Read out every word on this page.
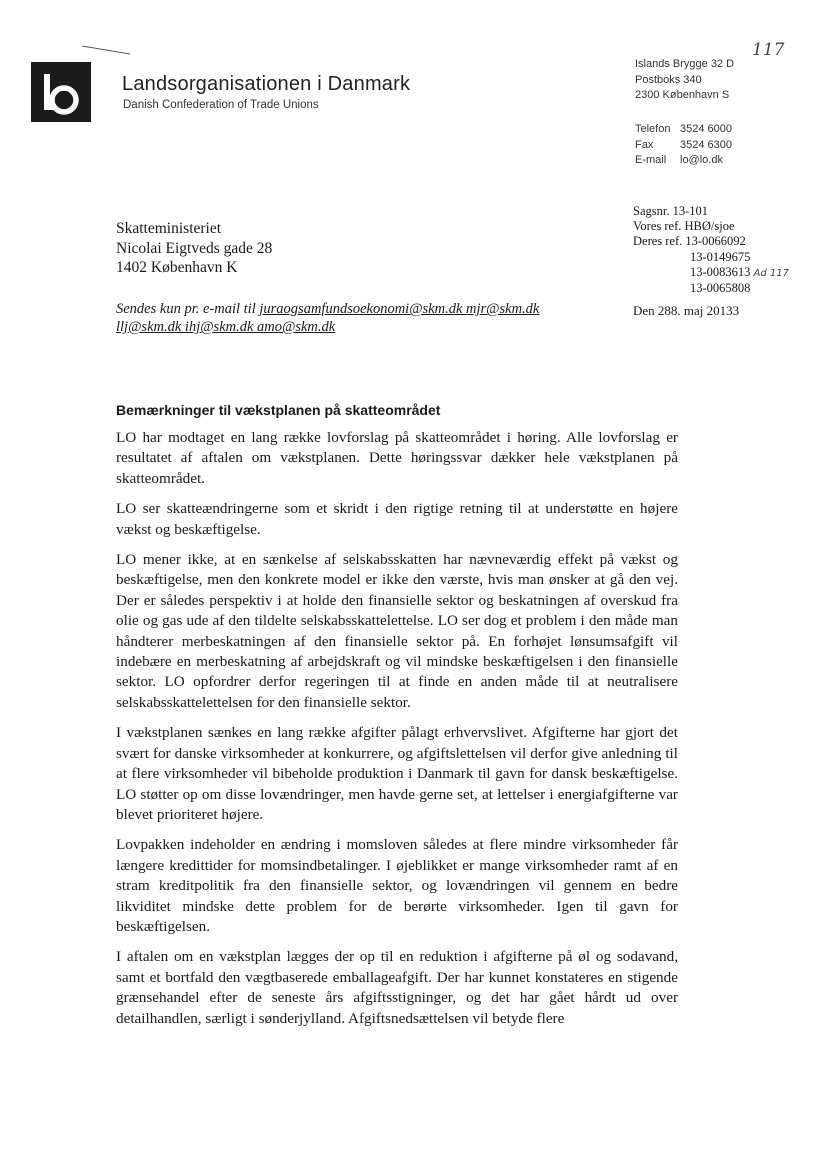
Landsorganisationen i Danmark
Danish Confederation of Trade Unions
117
Islands Brygge 32 D
Postboks 340
2300 København S
Telefon 3524 6000
Fax 3524 6300
E-mail lo@lo.dk
Skatteministeriet
Nicolai Eigtveds gade 28
1402 København K
Sendes kun pr. e-mail til juraogsamfundsoekonomi@skm.dk mjr@skm.dk
llj@skm.dk ihj@skm.dk amo@skm.dk
Sagsnr. 13-101
Vores ref. HBØ/sjoe
Deres ref. 13-0066092
13-0149675
13-0083613 Ad 117
13-0065808
Den 288. maj 20133
Bemærkninger til vækstplanen på skatteområdet

LO har modtaget en lang række lovforslag på skatteområdet i høring. Alle lovforslag er resultatet af aftalen om vækstplanen. Dette høringssvar dækker hele vækstplanen på skatteområdet.

LO ser skatteændringerne som et skridt i den rigtige retning til at understøtte en højere vækst og beskæftigelse.

LO mener ikke, at en sænkelse af selskabsskatten har nævneværdig effekt på vækst og beskæftigelse, men den konkrete model er ikke den værste, hvis man ønsker at gå den vej. Der er således perspektiv i at holde den finansielle sektor og beskatningen af overskud fra olie og gas ude af den tildelte selskabsskattelettelse. LO ser dog et problem i den måde man håndterer merbeskatningen af den finansielle sektor på. En forhøjet lønsumsafgift vil indebære en merbeskatning af arbejdskraft og vil mindske beskæftigelsen i den finansielle sektor. LO opfordrer derfor regeringen til at finde en anden måde til at neutralisere selskabsskattelettelsen for den finansielle sektor.

I vækstplanen sænkes en lang række afgifter pålagt erhvervslivet. Afgifterne har gjort det svært for danske virksomheder at konkurrere, og afgiftslettelsen vil derfor give anledning til at flere virksomheder vil bibeholde produktion i Danmark til gavn for dansk beskæftigelse. LO støtter op om disse lovændringer, men havde gerne set, at lettelser i energiafgifterne var blevet prioriteret højere.

Lovpakken indeholder en ændring i momsloven således at flere mindre virksomheder får længere kredittider for momsindbetalinger. I øjeblikket er mange virksomheder ramt af en stram kreditpolitik fra den finansielle sektor, og lovændringen vil gennem en bedre likviditet mindske dette problem for de berørte virksomheder. Igen til gavn for beskæftigelsen.

I aftalen om en vækstplan lægges der op til en reduktion i afgifterne på øl og sodavand, samt et bortfald den vægtbaserede emballageafgift. Der har kunnet konstateres en stigende grænsehandel efter de seneste års afgiftsstigninger, og det har gået hårdt ud over detailhandlen, særligt i sønderjylland. Afgiftsnedsættelsen vil betyde flere
